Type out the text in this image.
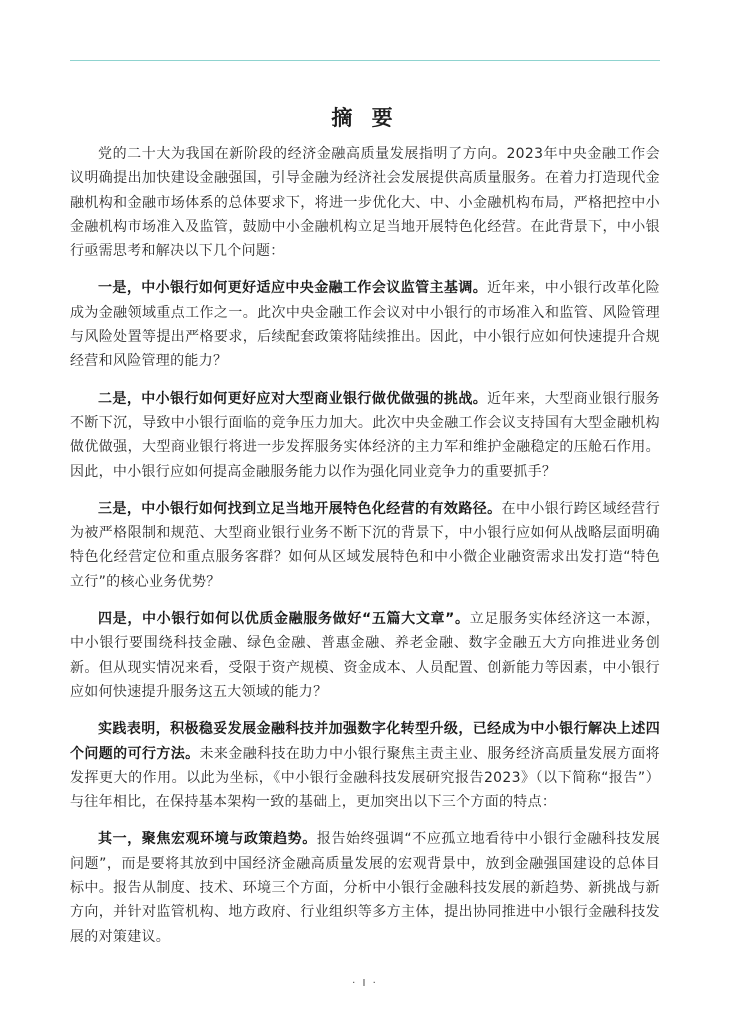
摘 要

党的二十大为我国在新阶段的经济金融高质量发展指明了方向。2023年中央金融工作会议明确提出加快建设金融强国，引导金融为经济社会发展提供高质量服务。在着力打造现代金融机构和金融市场体系的总体要求下，将进一步优化大、中、小金融机构布局，严格把控中小金融机构市场准入及监管，鼓励中小金融机构立足当地开展特色化经营。在此背景下，中小银行亟需思考和解决以下几个问题：

一是，中小银行如何更好适应中央金融工作会议监管主基调。近年来，中小银行改革化险成为金融领域重点工作之一。此次中央金融工作会议对中小银行的市场准入和监管、风险管理与风险处置等提出严格要求，后续配套政策将陆续推出。因此，中小银行应如何快速提升合规经营和风险管理的能力？

二是，中小银行如何更好应对大型商业银行做优做强的挑战。近年来，大型商业银行服务不断下沉，导致中小银行面临的竞争压力加大。此次中央金融工作会议支持国有大型金融机构做优做强，大型商业银行将进一步发挥服务实体经济的主力军和维护金融稳定的压舱石作用。因此，中小银行应如何提高金融服务能力以作为强化同业竞争力的重要抓手？

三是，中小银行如何找到立足当地开展特色化经营的有效路径。在中小银行跨区域经营行为被严格限制和规范、大型商业银行业务不断下沉的背景下，中小银行应如何从战略层面明确特色化经营定位和重点服务客群？如何从区域发展特色和中小微企业融资需求出发打造“特色立行”的核心业务优势？

四是，中小银行如何以优质金融服务做好“五篇大文章”。立足服务实体经济这一本源，中小银行要围绕科技金融、绿色金融、普惠金融、养老金融、数字金融五大方向推进业务创新。但从现实情况来看，受限于资产规模、资金成本、人员配置、创新能力等因素，中小银行应如何快速提升服务这五大领域的能力？

实践表明，积极稳妥发展金融科技并加强数字化转型升级，已经成为中小银行解决上述四个问题的可行方法。未来金融科技在助力中小银行聚焦主责主业、服务经济高质量发展方面将发挥更大的作用。以此为坐标，《中小银行金融科技发展研究报告2023》（以下简称“报告”）与往年相比，在保持基本架构一致的基础上，更加突出以下三个方面的特点：

其一，聚焦宏观环境与政策趋势。报告始终强调“不应孤立地看待中小银行金融科技发展问题”，而是要将其放到中国经济金融高质量发展的宏观背景中，放到金融强国建设的总体目标中。报告从制度、技术、环境三个方面，分析中小银行金融科技发展的新趋势、新挑战与新方向，并针对监管机构、地方政府、行业组织等多方主体，提出协同推进中小银行金融科技发展的对策建议。

· I ·
